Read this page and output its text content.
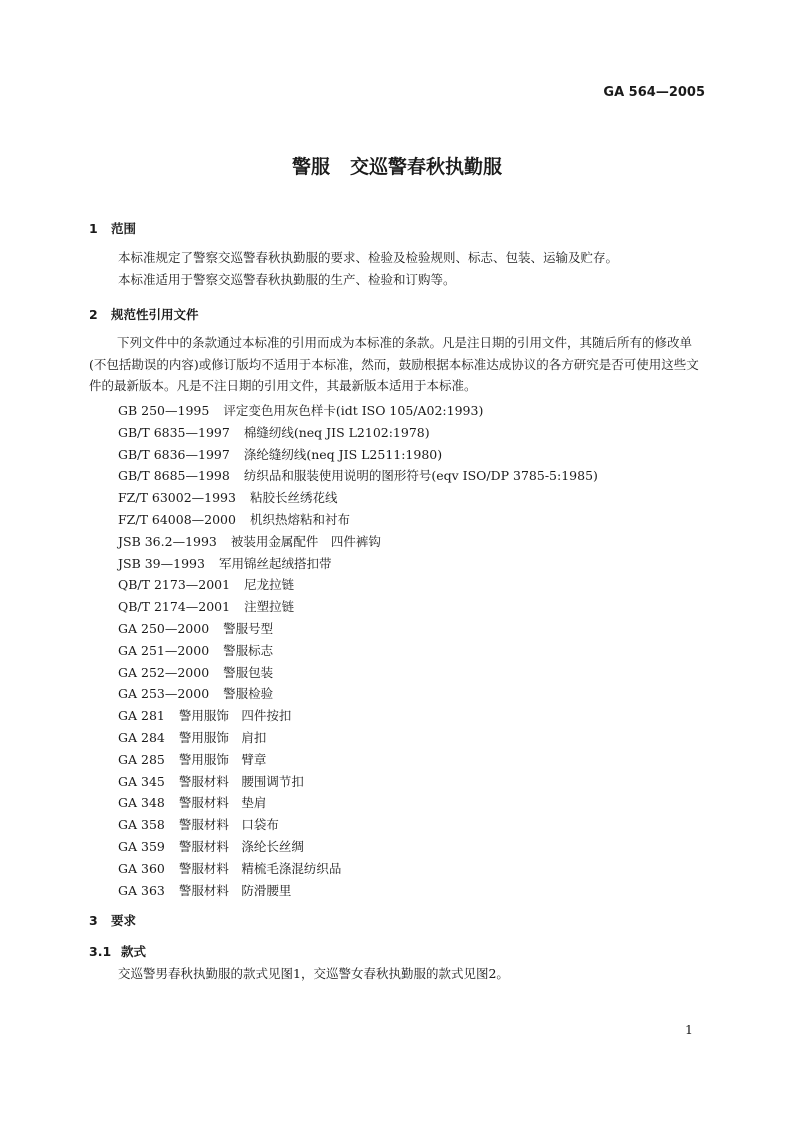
GA 564—2005
警服 交巡警春秋执勤服
1 范围
本标准规定了警察交巡警春秋执勤服的要求、检验及检验规则、标志、包装、运输及贮存。
本标准适用于警察交巡警春秋执勤服的生产、检验和订购等。
2 规范性引用文件
下列文件中的条款通过本标准的引用而成为本标准的条款。凡是注日期的引用文件，其随后所有的修改单(不包括勘误的内容)或修订版均不适用于本标准，然而，鼓励根据本标准达成协议的各方研究是否可使用这些文件的最新版本。凡是不注日期的引用文件，其最新版本适用于本标准。
GB 250—1995 评定变色用灰色样卡(idt ISO 105/A02:1993)
GB/T 6835—1997 棉缝纫线(neq JIS L2102:1978)
GB/T 6836—1997 涤纶缝纫线(neq JIS L2511:1980)
GB/T 8685—1998 纺织品和服装使用说明的图形符号(eqv ISO/DP 3785-5:1985)
FZ/T 63002—1993 粘胶长丝绣花线
FZ/T 64008—2000 机织热熔粘和衬布
JSB 36.2—1993 被装用金属配件　四件裤钩
JSB 39—1993 军用锦丝起绒搭扣带
QB/T 2173—2001 尼龙拉链
QB/T 2174—2001 注塑拉链
GA 250—2000 警服号型
GA 251—2000 警服标志
GA 252—2000 警服包装
GA 253—2000 警服检验
GA 281 警用服饰　四件按扣
GA 284 警用服饰　肩扣
GA 285 警用服饰　臂章
GA 345 警服材料　腰围调节扣
GA 348 警服材料　垫肩
GA 358 警服材料　口袋布
GA 359 警服材料　涤纶长丝绸
GA 360 警服材料　精梳毛涤混纺织品
GA 363 警服材料　防滑腰里
3 要求
3.1 款式
交巡警男春秋执勤服的款式见图1，交巡警女春秋执勤服的款式见图2。
1
